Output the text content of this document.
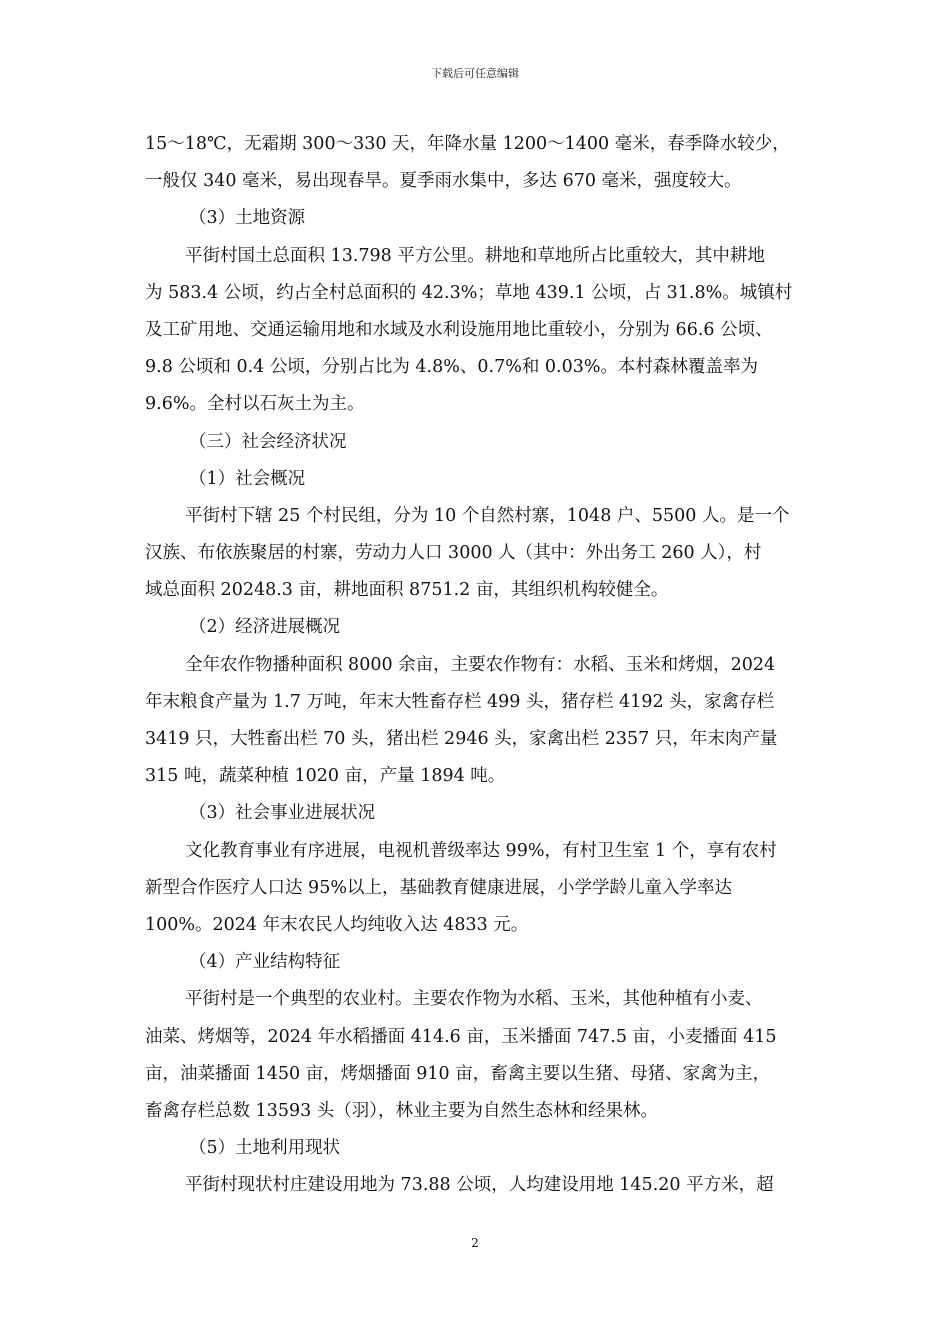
下载后可任意编辑
15～18℃，无霜期 300～330 天，年降水量 1200～1400 毫米，春季降水较少，
一般仅 340 毫米，易出现春旱。夏季雨水集中，多达 670 毫米，强度较大。
（3）土地资源
平街村国土总面积 13.798 平方公里。耕地和草地所占比重较大，其中耕地
为 583.4 公顷，约占全村总面积的 42.3%；草地 439.1 公顷，占 31.8%。城镇村
及工矿用地、交通运输用地和水域及水利设施用地比重较小，分别为 66.6 公顷、
9.8 公顷和 0.4 公顷，分别占比为 4.8%、0.7%和 0.03%。本村森林覆盖率为
9.6%。全村以石灰土为主。
（三）社会经济状况
（1）社会概况
平街村下辖 25 个村民组，分为 10 个自然村寨，1048 户、5500 人。是一个
汉族、布依族聚居的村寨，劳动力人口 3000 人（其中：外出务工 260 人），村
域总面积 20248.3 亩，耕地面积 8751.2 亩，其组织机构较健全。
（2）经济进展概况
全年农作物播种面积 8000 余亩，主要农作物有：水稻、玉米和烤烟，2024
年末粮食产量为 1.7 万吨，年末大牲畜存栏 499 头，猪存栏 4192 头，家禽存栏
3419 只，大牲畜出栏 70 头，猪出栏 2946 头，家禽出栏 2357 只，年末肉产量
315 吨，蔬菜种植 1020 亩，产量 1894 吨。
（3）社会事业进展状况
文化教育事业有序进展，电视机普级率达 99%，有村卫生室 1 个，享有农村
新型合作医疗人口达 95%以上，基础教育健康进展，小学学龄儿童入学率达
100%。2024 年末农民人均纯收入达 4833 元。
（4）产业结构特征
平街村是一个典型的农业村。主要农作物为水稻、玉米，其他种植有小麦、
油菜、烤烟等，2024 年水稻播面 414.6 亩，玉米播面 747.5 亩，小麦播面 415
亩，油菜播面 1450 亩，烤烟播面 910 亩，畜禽主要以生猪、母猪、家禽为主，
畜禽存栏总数 13593 头（羽），林业主要为自然生态林和经果林。
（5）土地利用现状
平街村现状村庄建设用地为 73.88 公顷，人均建设用地 145.20 平方米，超
2
